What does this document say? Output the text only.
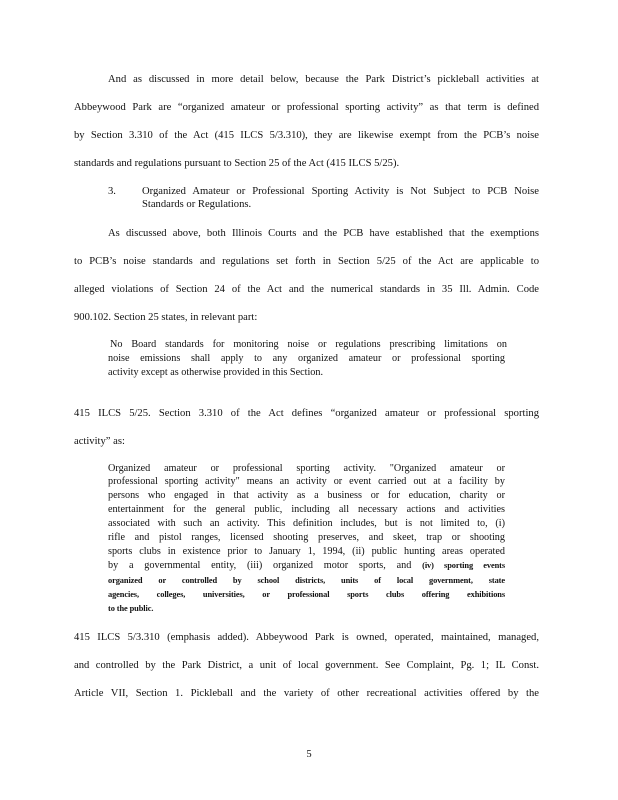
And as discussed in more detail below, because the Park District’s pickleball activities at
Abbeywood Park are “organized amateur or professional sporting activity” as that term is defined
by Section 3.310 of the Act (415 ILCS 5/3.310), they are likewise exempt from the PCB’s noise
standards and regulations pursuant to Section 25 of the Act (415 ILCS 5/25).
3. Organized Amateur or Professional Sporting Activity is Not Subject to PCB Noise
Standards or Regulations.
As discussed above, both Illinois Courts and the PCB have established that the exemptions
to PCB’s noise standards and regulations set forth in Section 5/25 of the Act are applicable to
alleged violations of Section 24 of the Act and the numerical standards in 35 Ill. Admin. Code
900.102. Section 25 states, in relevant part:
No Board standards for monitoring noise or regulations prescribing limitations on
noise emissions shall apply to any organized amateur or professional sporting
activity except as otherwise provided in this Section.
415 ILCS 5/25. Section 3.310 of the Act defines “organized amateur or professional sporting
activity” as:
Organized amateur or professional sporting activity. "Organized amateur or
professional sporting activity" means an activity or event carried out at a facility by
persons who engaged in that activity as a business or for education, charity or
entertainment for the general public, including all necessary actions and activities
associated with such an activity. This definition includes, but is not limited to, (i)
rifle and pistol ranges, licensed shooting preserves, and skeet, trap or shooting
sports clubs in existence prior to January 1, 1994, (ii) public hunting areas operated
by a governmental entity, (iii) organized motor sports, and (iv) sporting events
organized or controlled by school districts, units of local government, state
agencies, colleges, universities, or professional sports clubs offering exhibitions
to the public.
415 ILCS 5/3.310 (emphasis added). Abbeywood Park is owned, operated, maintained, managed,
and controlled by the Park District, a unit of local government. See Complaint, Pg. 1; IL Const.
Article VII, Section 1. Pickleball and the variety of other recreational activities offered by the
5
